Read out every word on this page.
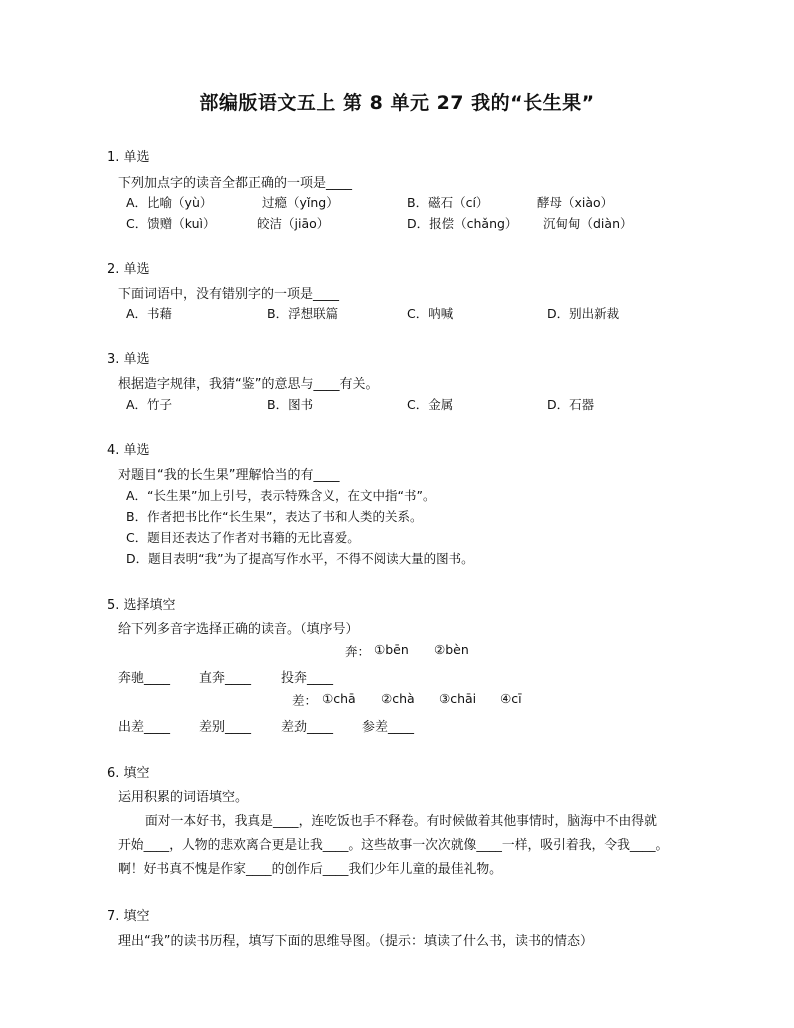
部编版语文五上 第 8 单元 27 我的“长生果”
1. 单选
下列加点字的读音全都正确的一项是____
A．比喻（yù）	过瘾（yǐng）	B．磁石（cí）	酵母（xiào）
C．馈赠（kuì）	皎洁（jiāo）	D．报偿（chǎng） 沉甸甸（diàn）
2. 单选
下面词语中，没有错别字的一项是____
A．书藉	B．浮想联篇	C．呐喊	D．别出新裁
3. 单选
根据造字规律，我猜“鉴”的意思与____有关。
A．竹子	B．图书	C．金属	D．石器
4. 单选
对题目“我的长生果”理解恰当的有____
A．“长生果”加上引号，表示特殊含义，在文中指“书”。
B．作者把书比作“长生果”，表达了书和人类的关系。
C．题目还表达了作者对书籍的无比喜爱。
D．题目表明“我”为了提高写作水平，不得不阅读大量的图书。
5. 选择填空
给下列多音字选择正确的读音。（填序号）
奔： ①bēn ②bèn
奔驰____ 直奔____ 投奔____
差： ①chā ②chà ③chāi ④cī
出差____ 差别____ 差劲____ 参差____
6. 填空
运用积累的词语填空。
面对一本好书，我真是____，连吃饭也手不释卷。有时候做着其他事情时，脑海中不由得就
开始____，人物的悲欢离合更是让我____。这些故事一次次就像____一样，吸引着我，令我____。
啊！好书真不愧是作家____的创作后____我们少年儿童的最佳礼物。
7. 填空
理出“我”的读书历程，填写下面的思维导图。（提示：填读了什么书，读书的情态）
